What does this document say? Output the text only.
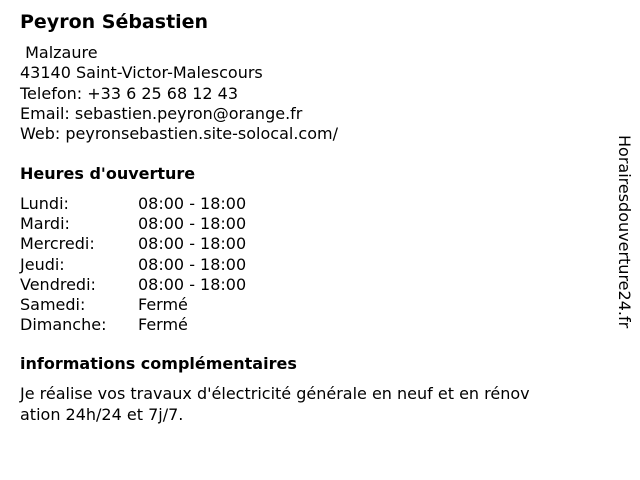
Peyron Sébastien
Malzaure
43140 Saint-Victor-Malescours
Telefon: +33 6 25 68 12 43
Email: sebastien.peyron@orange.fr
Web: peyronsebastien.site-solocal.com/
Heures d'ouverture
Lundi:	08:00 - 18:00
Mardi:	08:00 - 18:00
Mercredi:	08:00 - 18:00
Jeudi:	08:00 - 18:00
Vendredi:	08:00 - 18:00
Samedi:	Fermé
Dimanche: Fermé
informations complémentaires
Je réalise vos travaux d'électricité générale en neuf et en rénov
ation 24h/24 et 7j/7.
Horairesdouverture24.fr
